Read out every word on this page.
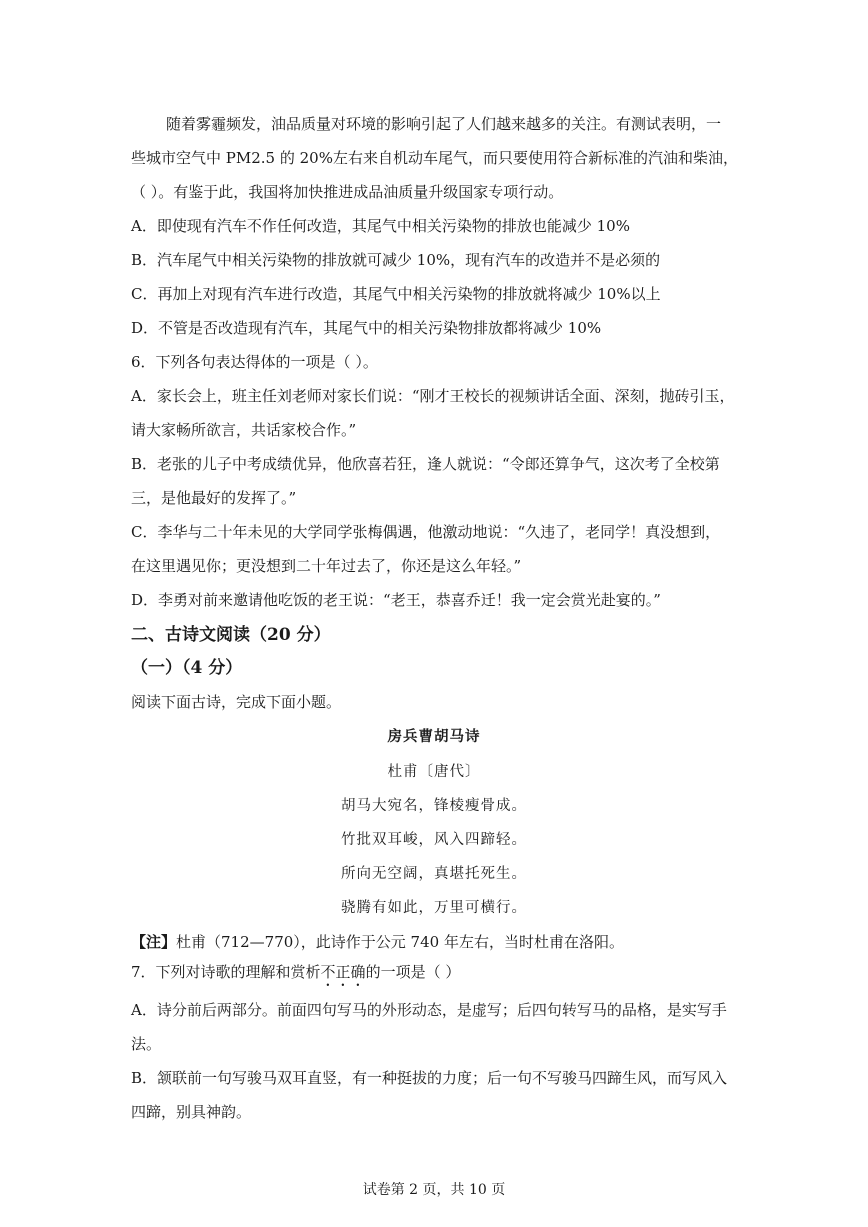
随着雾霾频发，油品质量对环境的影响引起了人们越来越多的关注。有测试表明，一
些城市空气中 PM2.5 的 20%左右来自机动车尾气，而只要使用符合新标准的汽油和柴油，
（ ）。有鉴于此，我国将加快推进成品油质量升级国家专项行动。
A．即使现有汽车不作任何改造，其尾气中相关污染物的排放也能减少 10%
B．汽车尾气中相关污染物的排放就可减少 10%，现有汽车的改造并不是必须的
C．再加上对现有汽车进行改造，其尾气中相关污染物的排放就将减少 10%以上
D．不管是否改造现有汽车，其尾气中的相关污染物排放都将减少 10%
6．下列各句表达得体的一项是（ ）。
A．家长会上，班主任刘老师对家长们说：“刚才王校长的视频讲话全面、深刻，抛砖引玉，
请大家畅所欲言，共话家校合作。”
B．老张的儿子中考成绩优异，他欣喜若狂，逢人就说：“令郎还算争气，这次考了全校第
三，是他最好的发挥了。”
C．李华与二十年未见的大学同学张梅偶遇，他激动地说：“久违了，老同学！真没想到，
在这里遇见你；更没想到二十年过去了，你还是这么年轻。”
D．李勇对前来邀请他吃饭的老王说：“老王，恭喜乔迁！我一定会赏光赴宴的。”
二、古诗文阅读（20 分）
（一）（4 分）
阅读下面古诗，完成下面小题。
房兵曹胡马诗
杜甫〔唐代〕
胡马大宛名，锋棱瘦骨成。
竹批双耳峻，风入四蹄轻。
所向无空阔，真堪托死生。
骁腾有如此，万里可横行。
【注】杜甫（712—770），此诗作于公元 740 年左右，当时杜甫在洛阳。
7．下列对诗歌的理解和赏析不正确的一项是（ ）
A．诗分前后两部分。前面四句写马的外形动态，是虚写；后四句转写马的品格，是实写手
法。
B．颔联前一句写骏马双耳直竖，有一种挺拔的力度；后一句不写骏马四蹄生风，而写风入
四蹄，别具神韵。
试卷第 2 页，共 10 页
